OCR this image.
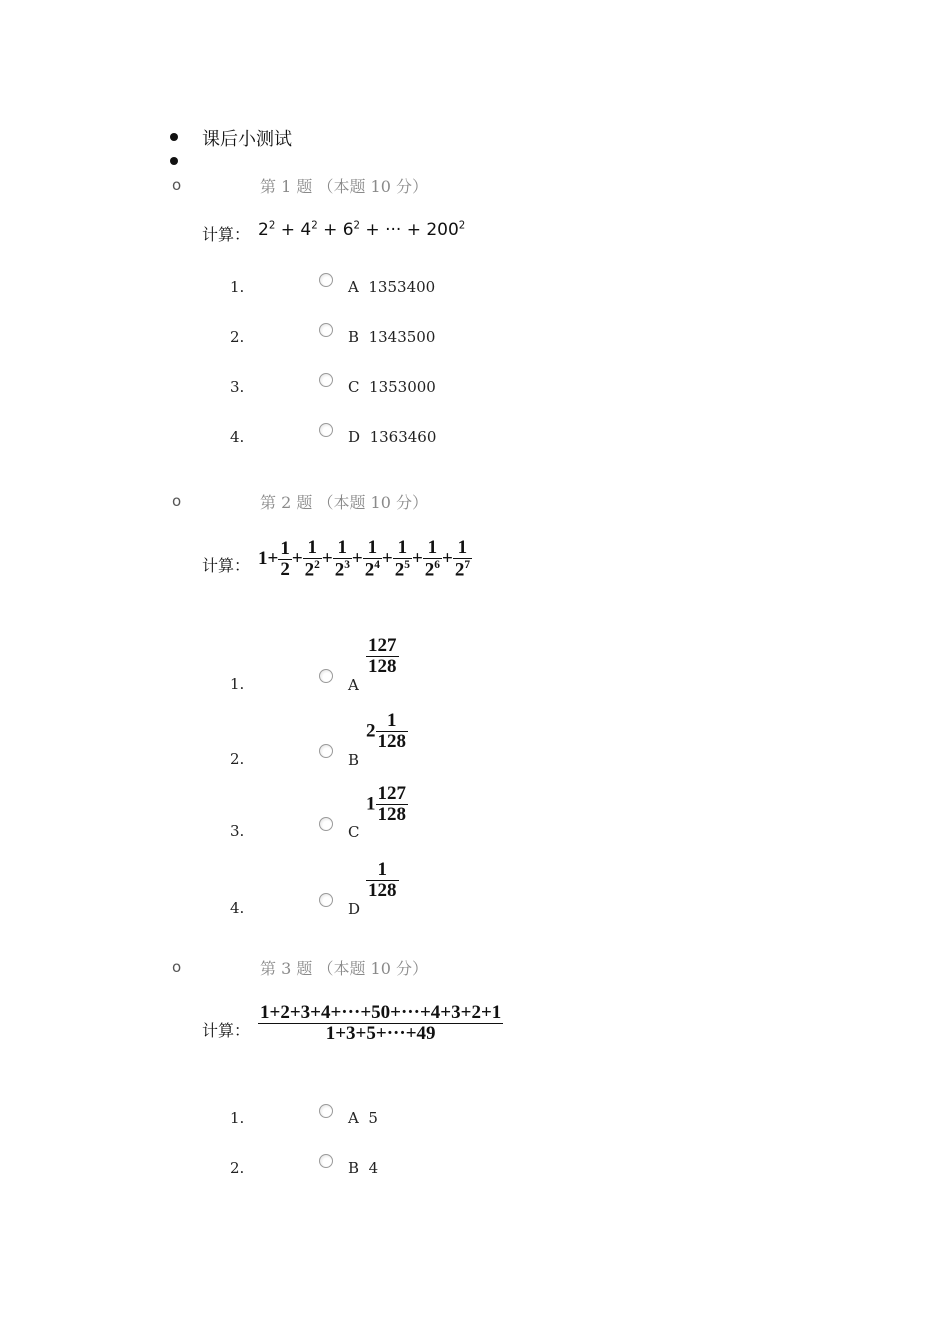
课后小测试
o	第 1 题 （本题 10 分）
计算： $2^2 + 4^2 + 6^2$ + ··· + $200^2$
1.	A 1353400
2.	B 1343500
3.	C 1353000
4.	D 1363460
o	第 2 题 （本题 10 分）
计算： $1+ \frac{1}{2} + \frac{1}{2^2} + \frac{1}{2^3} + \frac{1}{2^4} + \frac{1}{2^5} + \frac{1}{2^6} + \frac{1}{2^7}$
1.	A
$\frac{127}{128}$
2.	B
$2 \frac{1}{128}$
3.	C
$1 \frac{127}{128}$
4.	D
$\frac{1}{128}$
o	第 3 题 （本题 10 分）
计算： $\frac{1+2+3+4+\cdot\cdot\cdot+50+\cdot\cdot\cdot+4+3+2+1}{1+3+5+\cdot\cdot\cdot+49}$
1.	A 5
2.	B 4
